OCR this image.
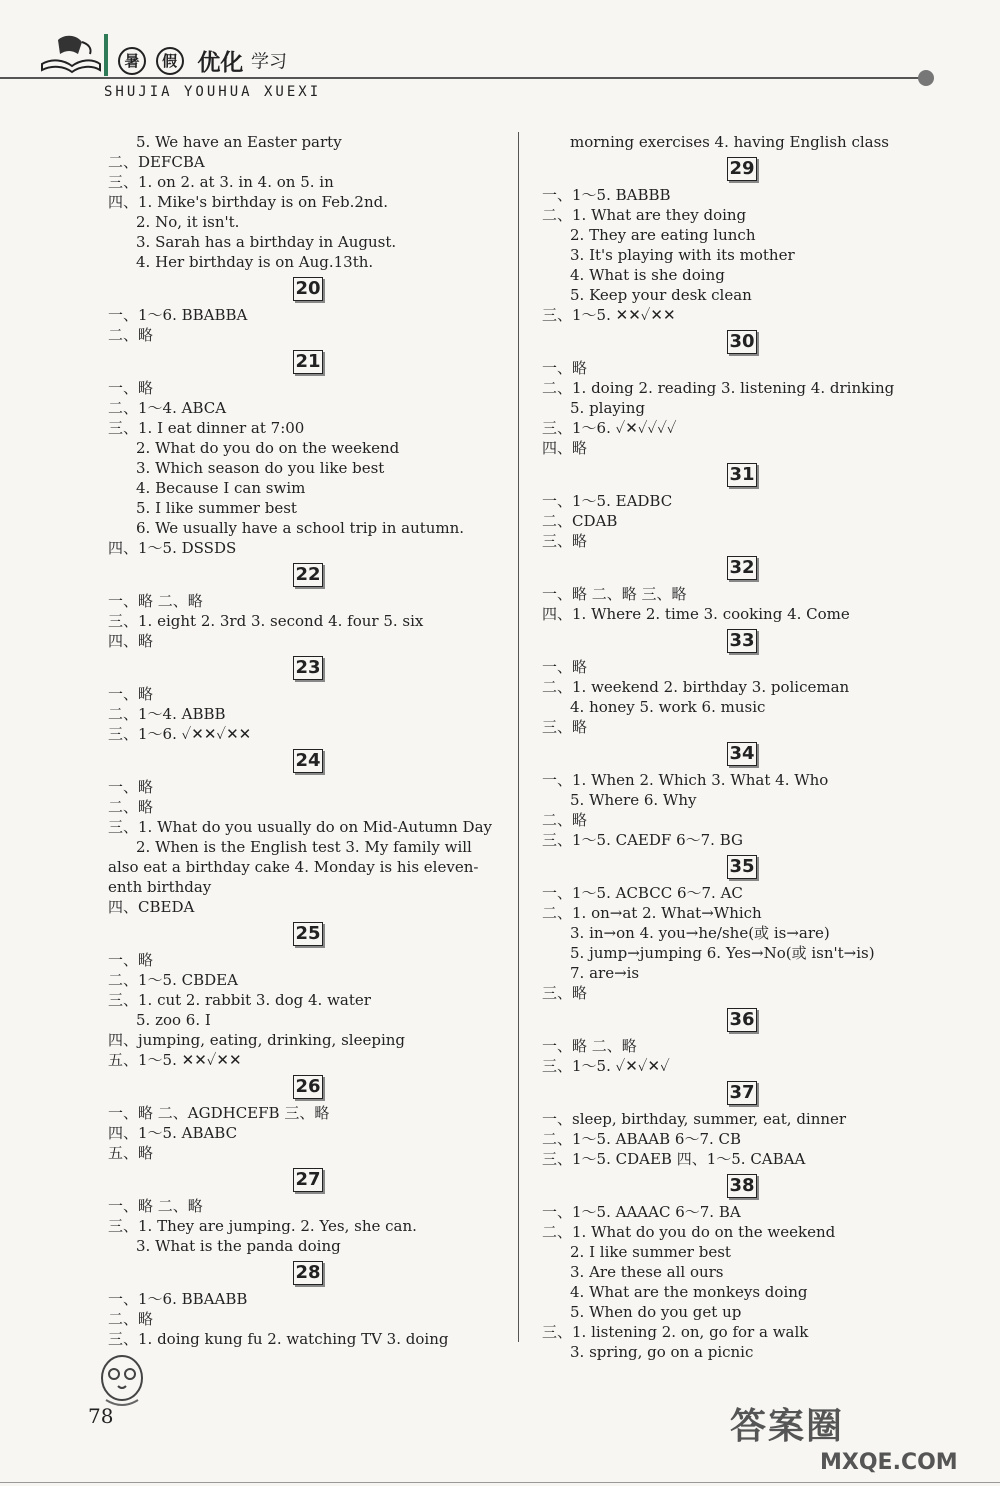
暑 假 优化 学习
SHUJIA YOUHUA XUEXI
5. We have an Easter party
二、DEFCBA
三、1. on 2. at 3. in 4. on 5. in
四、1. Mike's birthday is on Feb.2nd.
2. No, it isn't.
3. Sarah has a birthday in August.
4. Her birthday is on Aug.13th.
20
一、1～6. BBABBA
二、略
21
一、略
二、1～4. ABCA
三、1. I eat dinner at 7:00
2. What do you do on the weekend
3. Which season do you like best
4. Because I can swim
5. I like summer best
6. We usually have a school trip in autumn.
四、1～5. DSSDS
22
一、略 二、略
三、1. eight 2. 3rd 3. second 4. four 5. six
四、略
23
一、略
二、1～4. ABBB
三、1～6. ✓✕✕✓✕✕
24
一、略
二、略
三、1. What do you usually do on Mid-Autumn Day
2. When is the English test 3. My family will
also eat a birthday cake 4. Monday is his eleven-
enth birthday
四、CBEDA
25
一、略
二、1～5. CBDEA
三、1. cut 2. rabbit 3. dog 4. water
5. zoo 6. I
四、jumping, eating, drinking, sleeping
五、1～5. ✕✕✓✕✕
26
一、略 二、AGDHCEFB 三、略
四、1～5. ABABC
五、略
27
一、略 二、略
三、1. They are jumping. 2. Yes, she can.
3. What is the panda doing
28
一、1～6. BBAABB
二、略
三、1. doing kung fu 2. watching TV 3. doing
morning exercises 4. having English class
29
一、1～5. BABBB
二、1. What are they doing
2. They are eating lunch
3. It's playing with its mother
4. What is she doing
5. Keep your desk clean
三、1～5. ✕✕✓✕✕
30
一、略
二、1. doing 2. reading 3. listening 4. drinking
5. playing
三、1～6. ✓✕✓✓✓✓
四、略
31
一、1～5. EADBC
二、CDAB
三、略
32
一、略 二、略 三、略
四、1. Where 2. time 3. cooking 4. Come
33
一、略
二、1. weekend 2. birthday 3. policeman
4. honey 5. work 6. music
三、略
34
一、1. When 2. Which 3. What 4. Who
5. Where 6. Why
二、略
三、1～5. CAEDF 6～7. BG
35
一、1～5. ACBCC 6～7. AC
二、1. on→at 2. What→Which
3. in→on 4. you→he/she(或 is→are)
5. jump→jumping 6. Yes→No(或 isn't→is)
7. are→is
三、略
36
一、略 二、略
三、1～5. ✓✕✓✕✓
37
一、sleep, birthday, summer, eat, dinner
二、1～5. ABAAB 6～7. CB
三、1～5. CDAEB 四、1～5. CABAA
38
一、1～5. AAAAC 6～7. BA
二、1. What do you do on the weekend
2. I like summer best
3. Are these all ours
4. What are the monkeys doing
5. When do you get up
三、1. listening 2. on, go for a walk
3. spring, go on a picnic
78	答案圈
MXQE.COM
